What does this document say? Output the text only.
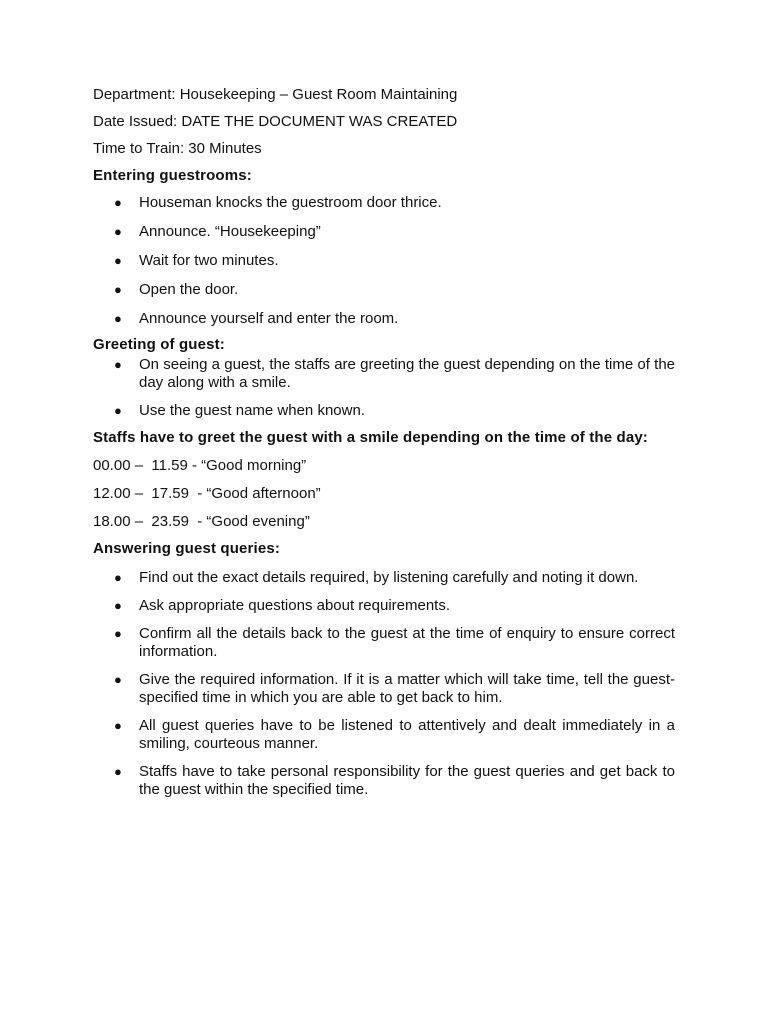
Department: Housekeeping – Guest Room Maintaining
Date Issued: DATE THE DOCUMENT WAS CREATED
Time to Train: 30 Minutes
Entering guestrooms:
● Houseman knocks the guestroom door thrice.
● Announce. “Housekeeping”
● Wait for two minutes.
● Open the door.
● Announce yourself and enter the room.
Greeting of guest:
● On seeing a guest, the staffs are greeting the guest depending on the time of the day along with a smile.
● Use the guest name when known.
Staffs have to greet the guest with a smile depending on the time of the day:
00.00 –  11.59 - “Good morning”
12.00 –  17.59  - “Good afternoon”
18.00 –  23.59  - “Good evening”
Answering guest queries:
● Find out the exact details required, by listening carefully and noting it down.
● Ask appropriate questions about requirements.
● Confirm all the details back to the guest at the time of enquiry to ensure correct information.
● Give the required information. If it is a matter which will take time, tell the guest-specified time in which you are able to get back to him.
● All guest queries have to be listened to attentively and dealt immediately in a smiling, courteous manner.
● Staffs have to take personal responsibility for the guest queries and get back to the guest within the specified time.
